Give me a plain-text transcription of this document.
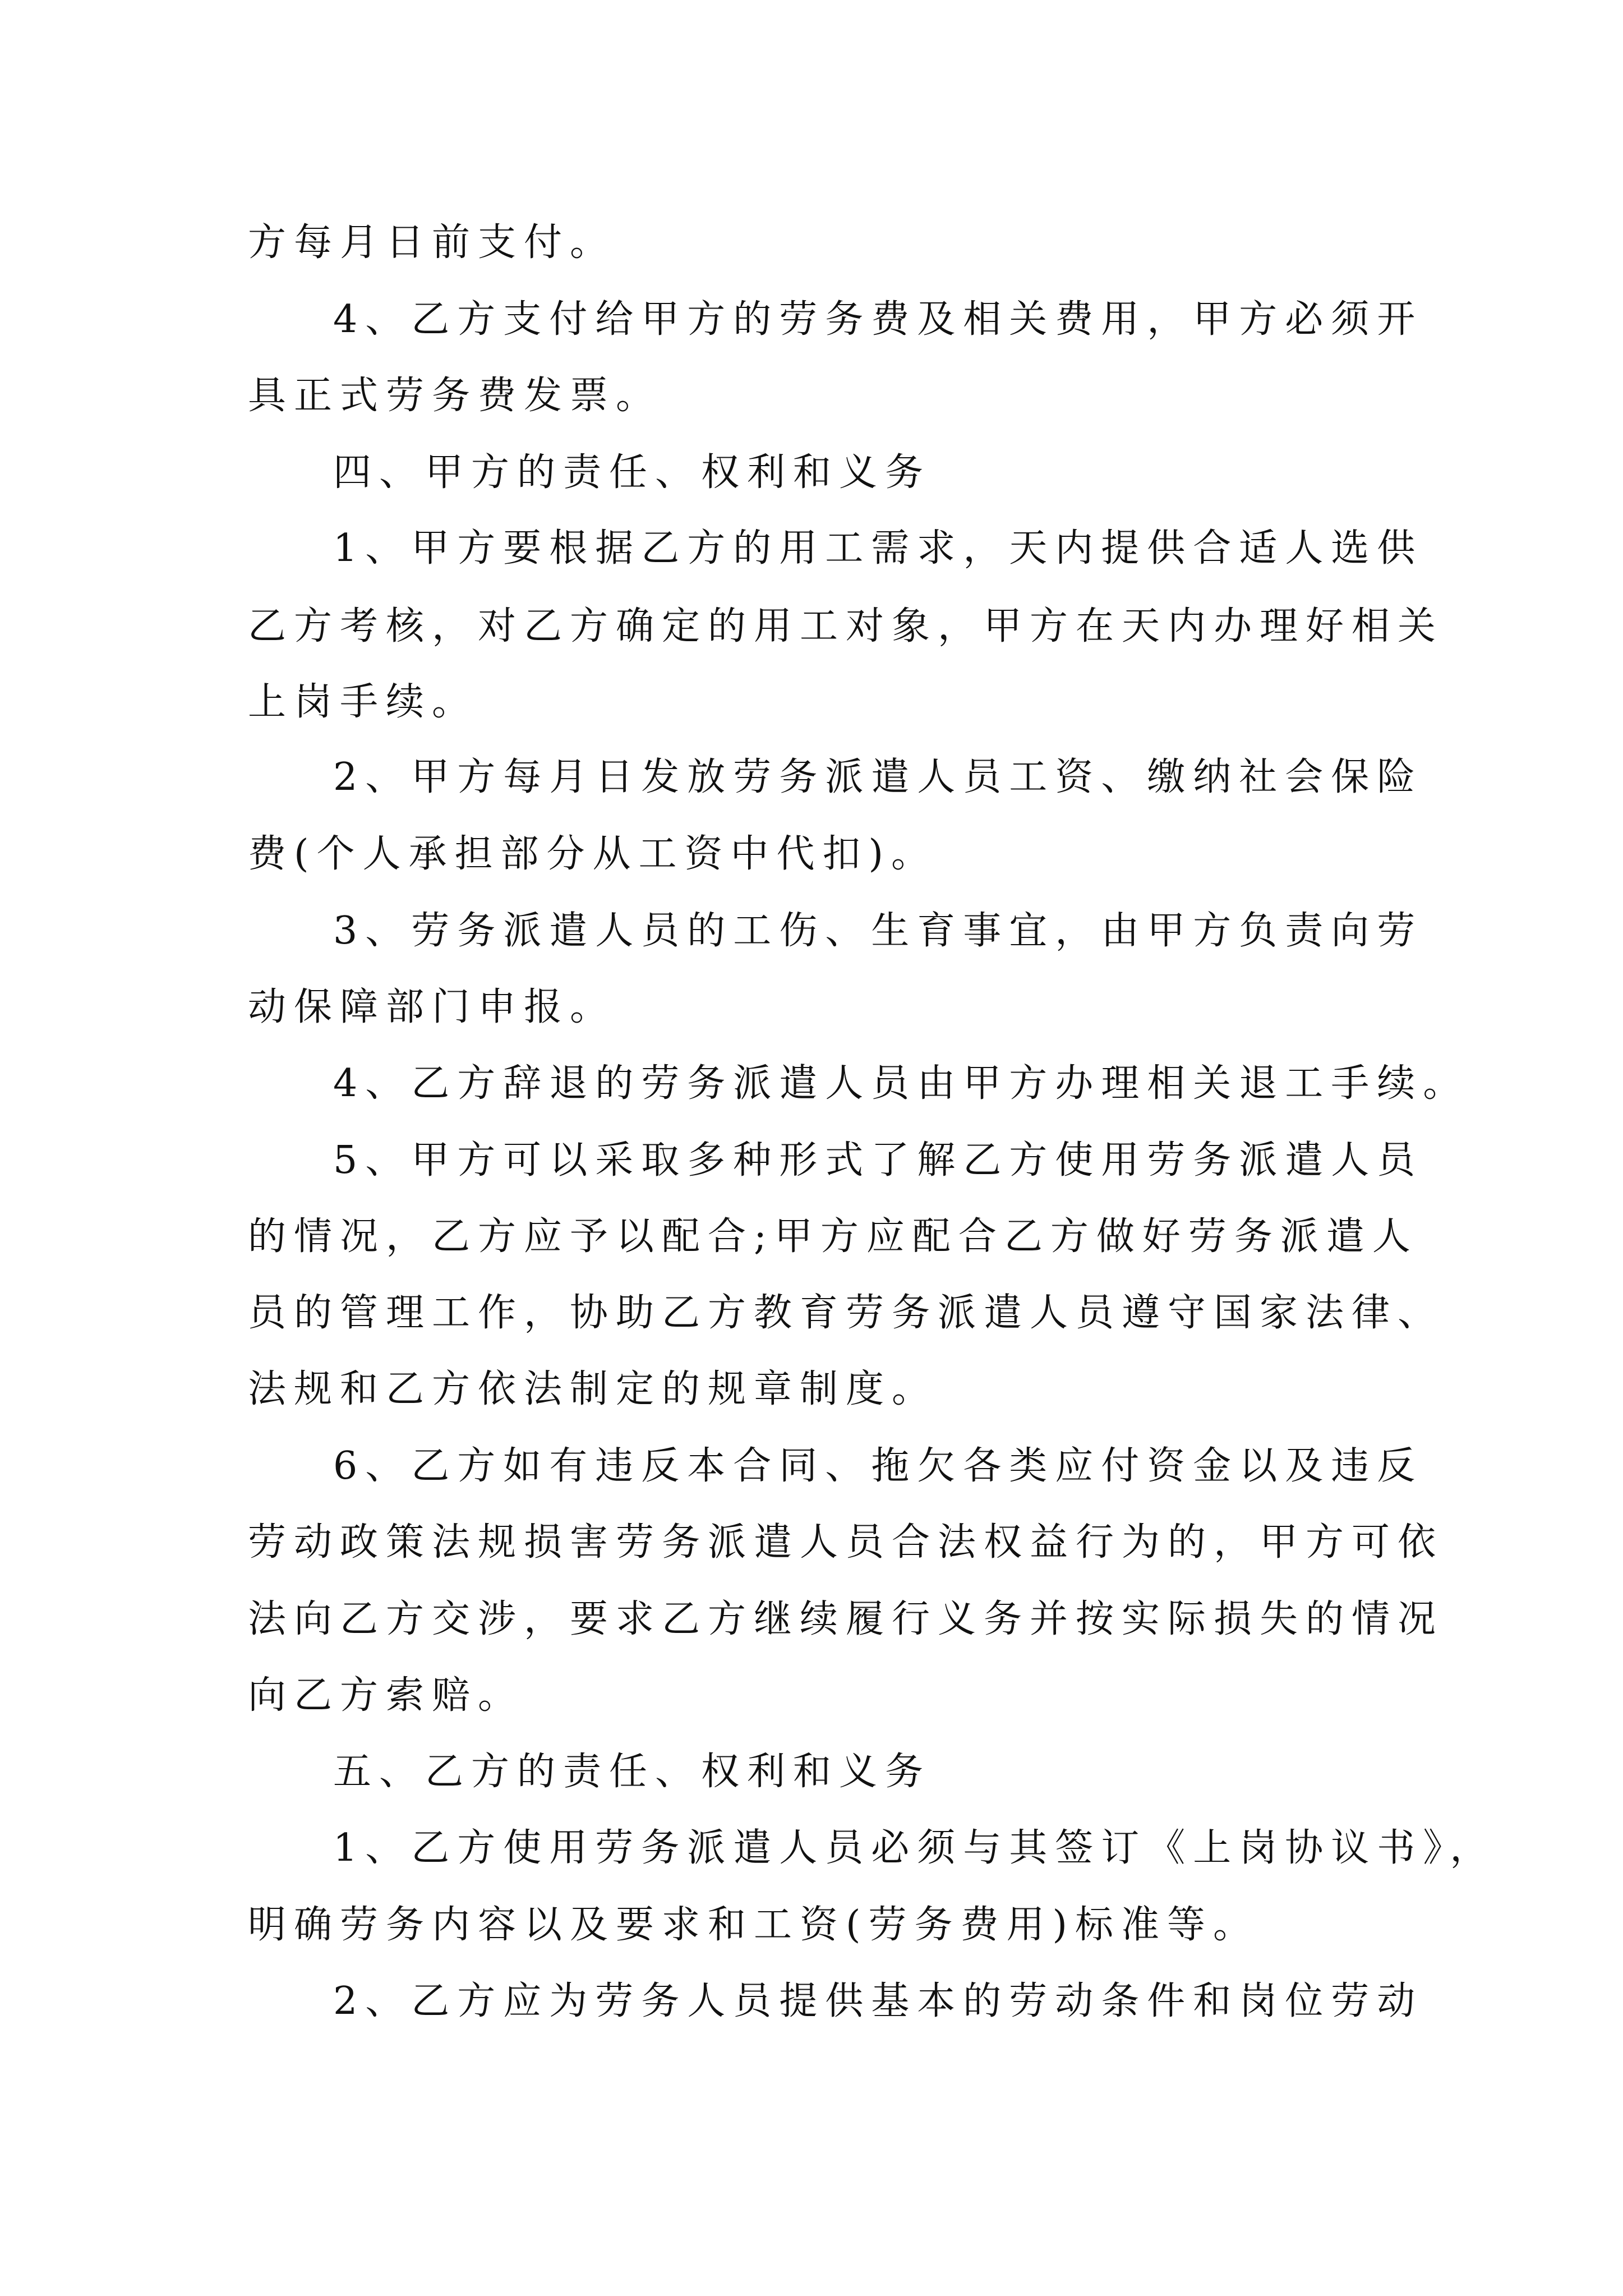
方每月日前支付。
4、乙方支付给甲方的劳务费及相关费用，甲方必须开
具正式劳务费发票。
四、甲方的责任、权利和义务
1、甲方要根据乙方的用工需求，天内提供合适人选供
乙方考核，对乙方确定的用工对象，甲方在天内办理好相关
上岗手续。
2、甲方每月日发放劳务派遣人员工资、缴纳社会保险
费(个人承担部分从工资中代扣)。
3、劳务派遣人员的工伤、生育事宜，由甲方负责向劳
动保障部门申报。
4、乙方辞退的劳务派遣人员由甲方办理相关退工手续。
5、甲方可以采取多种形式了解乙方使用劳务派遣人员
的情况，乙方应予以配合;甲方应配合乙方做好劳务派遣人
员的管理工作，协助乙方教育劳务派遣人员遵守国家法律、
法规和乙方依法制定的规章制度。
6、乙方如有违反本合同、拖欠各类应付资金以及违反
劳动政策法规损害劳务派遣人员合法权益行为的，甲方可依
法向乙方交涉，要求乙方继续履行义务并按实际损失的情况
向乙方索赔。
五、乙方的责任、权利和义务
1、乙方使用劳务派遣人员必须与其签订《上岗协议书》，
明确劳务内容以及要求和工资(劳务费用)标准等。
2、乙方应为劳务人员提供基本的劳动条件和岗位劳动
